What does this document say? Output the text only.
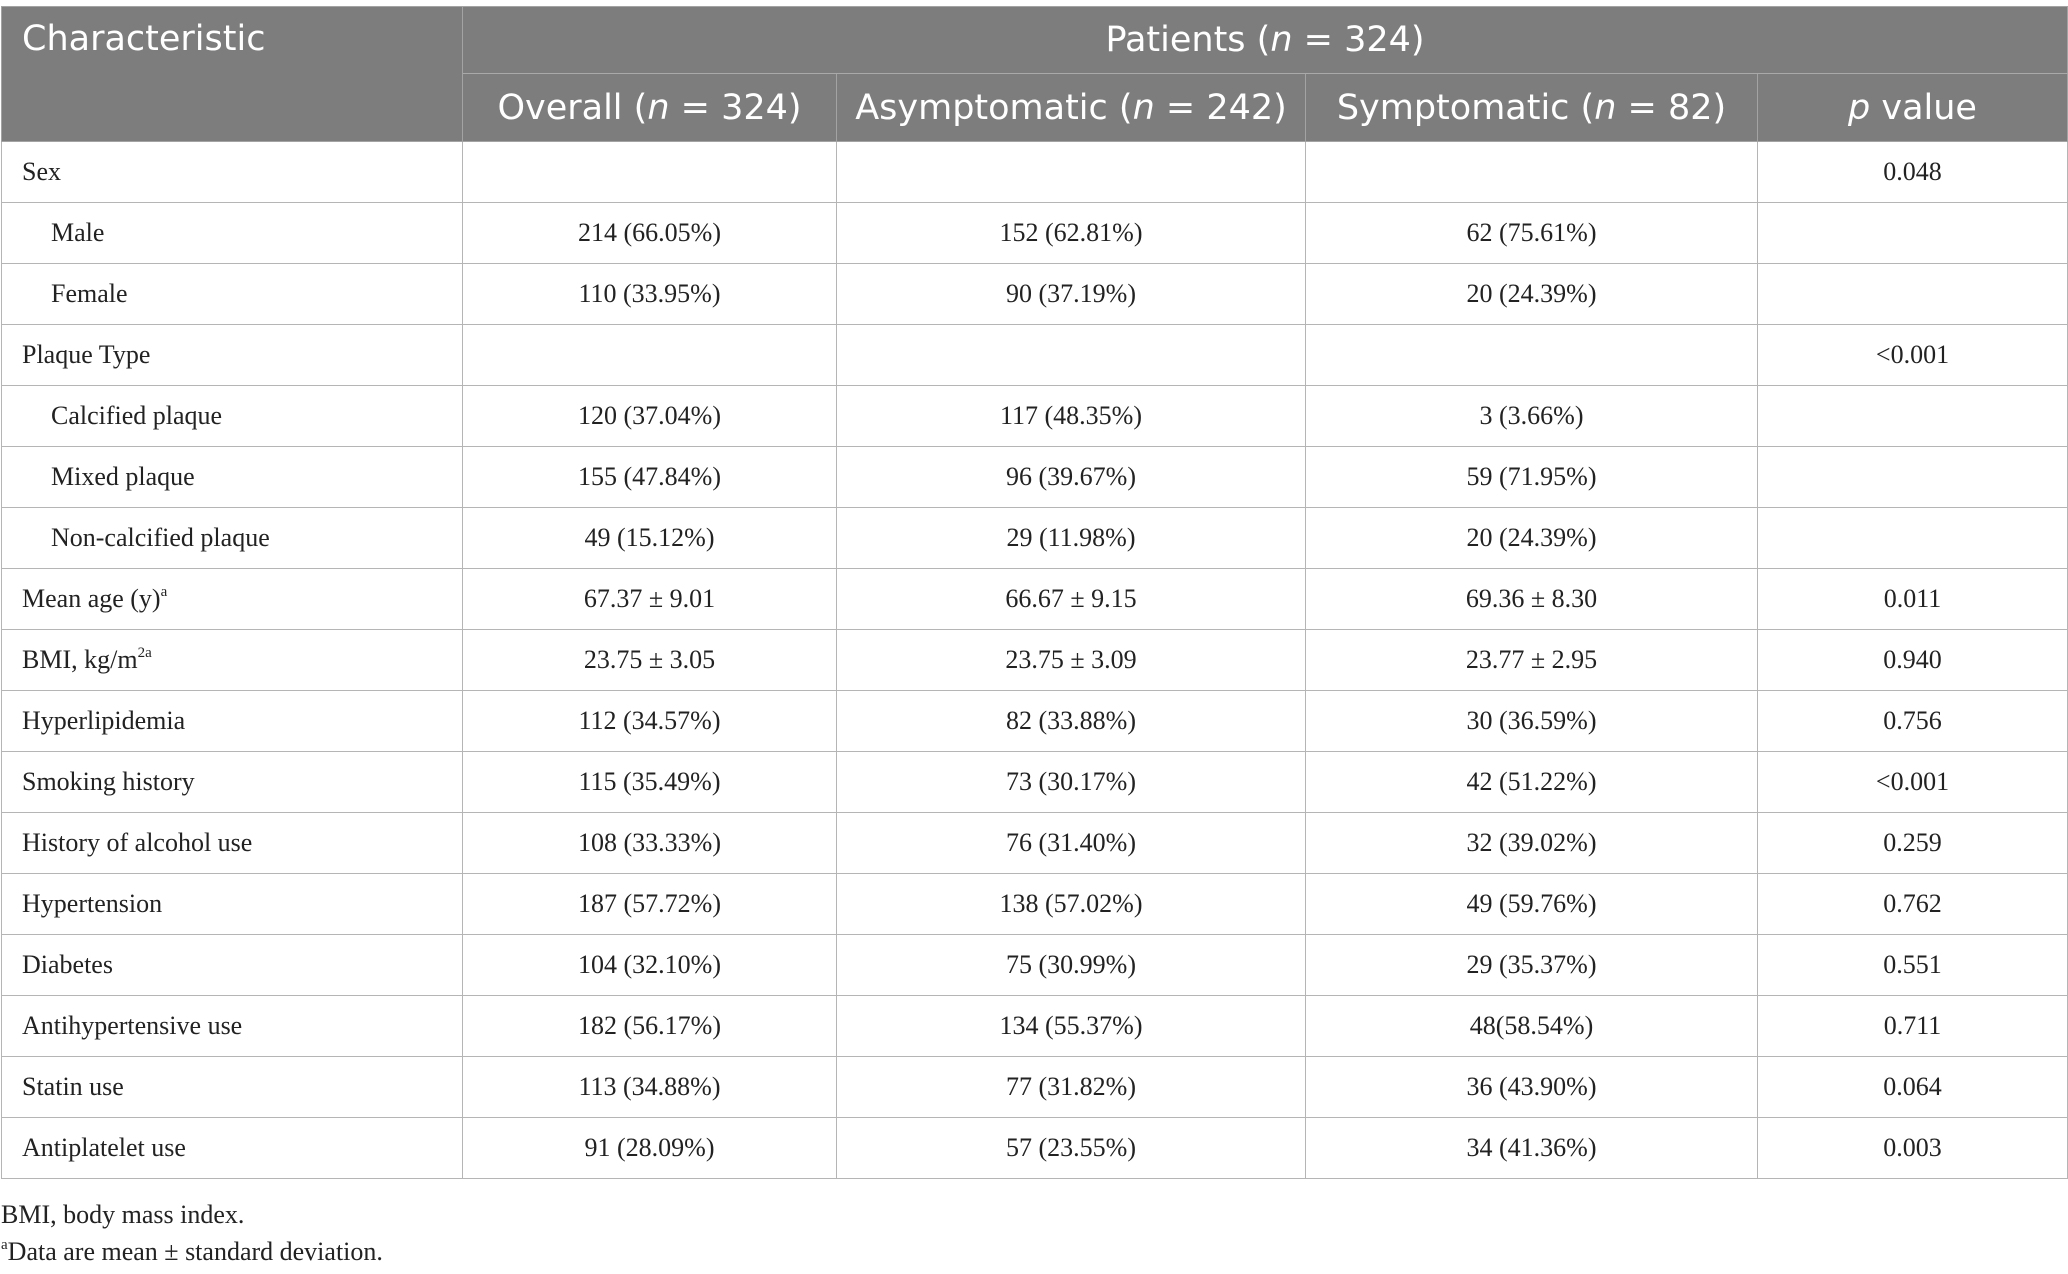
Characteristic	Patients (n = 324)			
	Overall (n = 324)	Asymptomatic (n = 242)	Symptomatic (n = 82)	p value
Sex				0.048
Male	214 (66.05%)	152 (62.81%)	62 (75.61%)	
Female	110 (33.95%)	90 (37.19%)	20 (24.39%)	
Plaque Type				<0.001
Calcified plaque	120 (37.04%)	117 (48.35%)	3 (3.66%)	
Mixed plaque	155 (47.84%)	96 (39.67%)	59 (71.95%)	
Non-calcified plaque	49 (15.12%)	29 (11.98%)	20 (24.39%)	
Mean age $(y)^a$	67.37 ± 9.01	66.67 ± 9.15	69.36 ± 8.30	0.011
BMI, $kg/m^{2a}$	23.75 ± 3.05	23.75 ± 3.09	23.77 ± 2.95	0.940
Hyperlipidemia	112 (34.57%)	82 (33.88%)	30 (36.59%)	0.756
Smoking history	115 (35.49%)	73 (30.17%)	42 (51.22%)	<0.001
History of alcohol use	108 (33.33%)	76 (31.40%)	32 (39.02%)	0.259
Hypertension	187 (57.72%)	138 (57.02%)	49 (59.76%)	0.762
Diabetes	104 (32.10%)	75 (30.99%)	29 (35.37%)	0.551
Antihypertensive use	182 (56.17%)	134 (55.37%)	48(58.54%)	0.711
Statin use	113 (34.88%)	77 (31.82%)	36 (43.90%)	0.064
Antiplatelet use	91 (28.09%)	57 (23.55%)	34 (41.36%)	0.003
BMI, body mass index.
$^a$Data are mean ± standard deviation.
